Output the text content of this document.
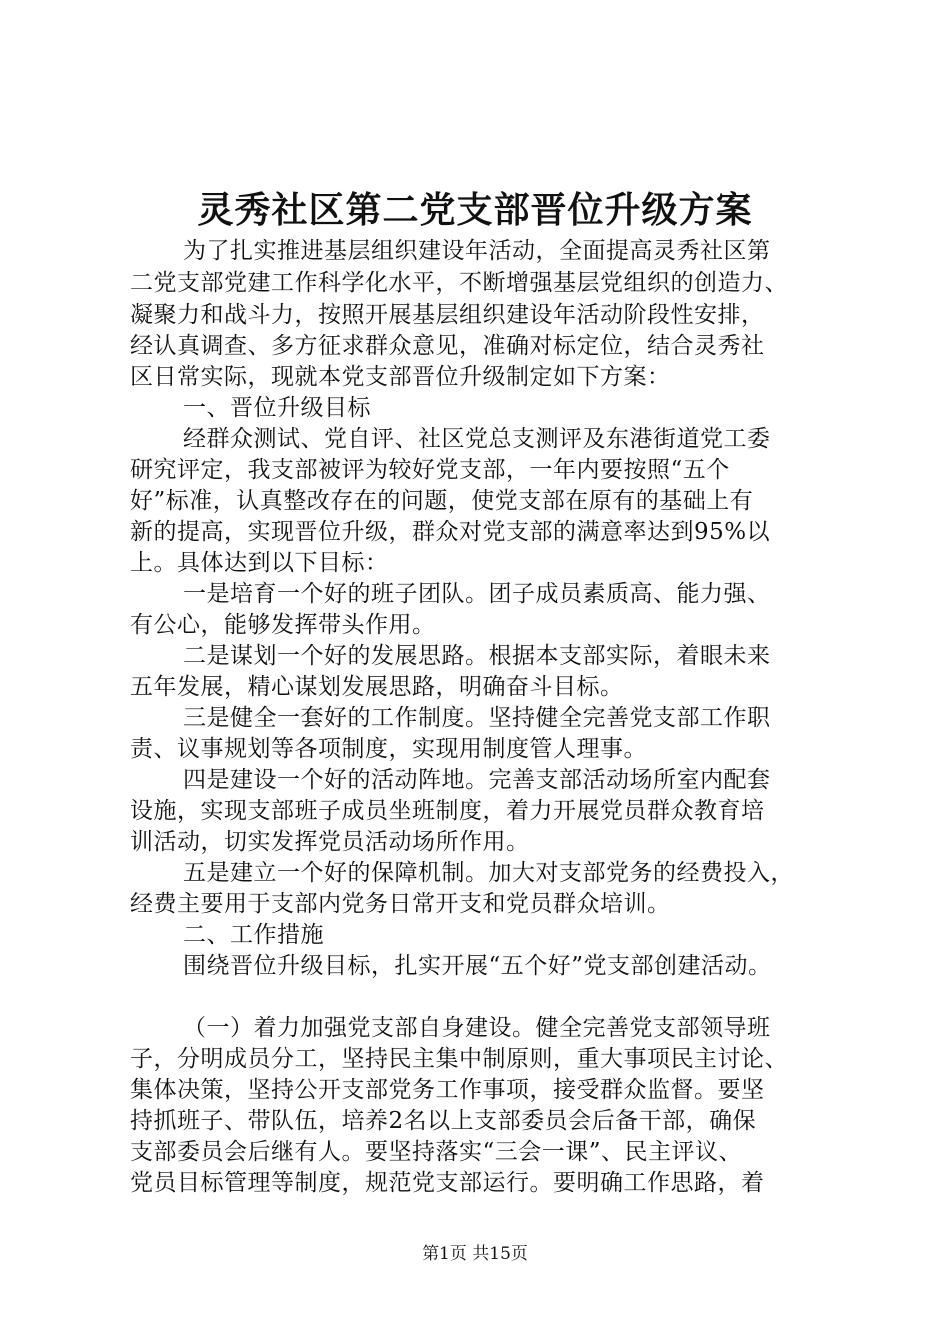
灵秀社区第二党支部晋位升级方案
为了扎实推进基层组织建设年活动，全面提高灵秀社区第
二党支部党建工作科学化水平，不断增强基层党组织的创造力、
凝聚力和战斗力，按照开展基层组织建设年活动阶段性安排，
经认真调查、多方征求群众意见，准确对标定位，结合灵秀社
区日常实际，现就本党支部晋位升级制定如下方案：
一、晋位升级目标
经群众测试、党自评、社区党总支测评及东港街道党工委
研究评定，我支部被评为较好党支部，一年内要按照“五个
好”标准，认真整改存在的问题，使党支部在原有的基础上有
新的提高，实现晋位升级，群众对党支部的满意率达到95%以
上。具体达到以下目标：
一是培育一个好的班子团队。团子成员素质高、能力强、
有公心，能够发挥带头作用。
二是谋划一个好的发展思路。根据本支部实际，着眼未来
五年发展，精心谋划发展思路，明确奋斗目标。
三是健全一套好的工作制度。坚持健全完善党支部工作职
责、议事规划等各项制度，实现用制度管人理事。
四是建设一个好的活动阵地。完善支部活动场所室内配套
设施，实现支部班子成员坐班制度，着力开展党员群众教育培
训活动，切实发挥党员活动场所作用。
五是建立一个好的保障机制。加大对支部党务的经费投入，
经费主要用于支部内党务日常开支和党员群众培训。
二、工作措施
围绕晋位升级目标，扎实开展“五个好”党支部创建活动。
（一）着力加强党支部自身建设。健全完善党支部领导班
子，分明成员分工，坚持民主集中制原则，重大事项民主讨论、
集体决策，坚持公开支部党务工作事项，接受群众监督。要坚
持抓班子、带队伍，培养2名以上支部委员会后备干部，确保
支部委员会后继有人。要坚持落实“三会一课”、民主评议、
党员目标管理等制度，规范党支部运行。要明确工作思路，着
第1页 共15页
